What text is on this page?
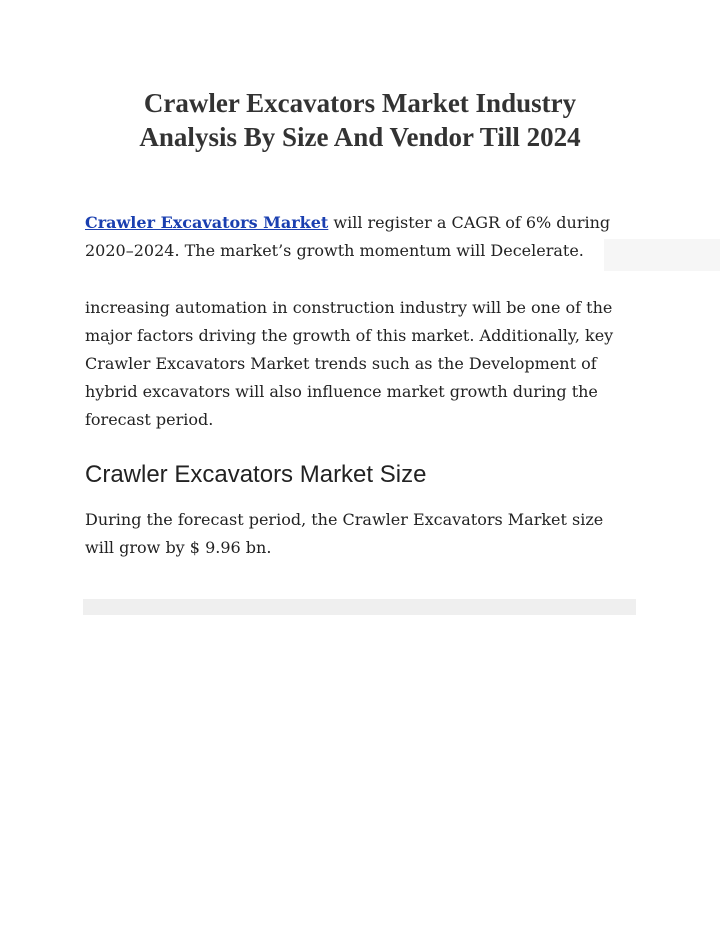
Crawler Excavators Market Industry
Analysis By Size And Vendor Till 2024

Crawler Excavators Market will register a CAGR of 6% during
2020–2024. The market’s growth momentum will Decelerate.

increasing automation in construction industry will be one of the
major factors driving the growth of this market. Additionally, key
Crawler Excavators Market trends such as the Development of
hybrid excavators will also influence market growth during the
forecast period.

Crawler Excavators Market Size

During the forecast period, the Crawler Excavators Market size
will grow by $ 9.96 bn.
